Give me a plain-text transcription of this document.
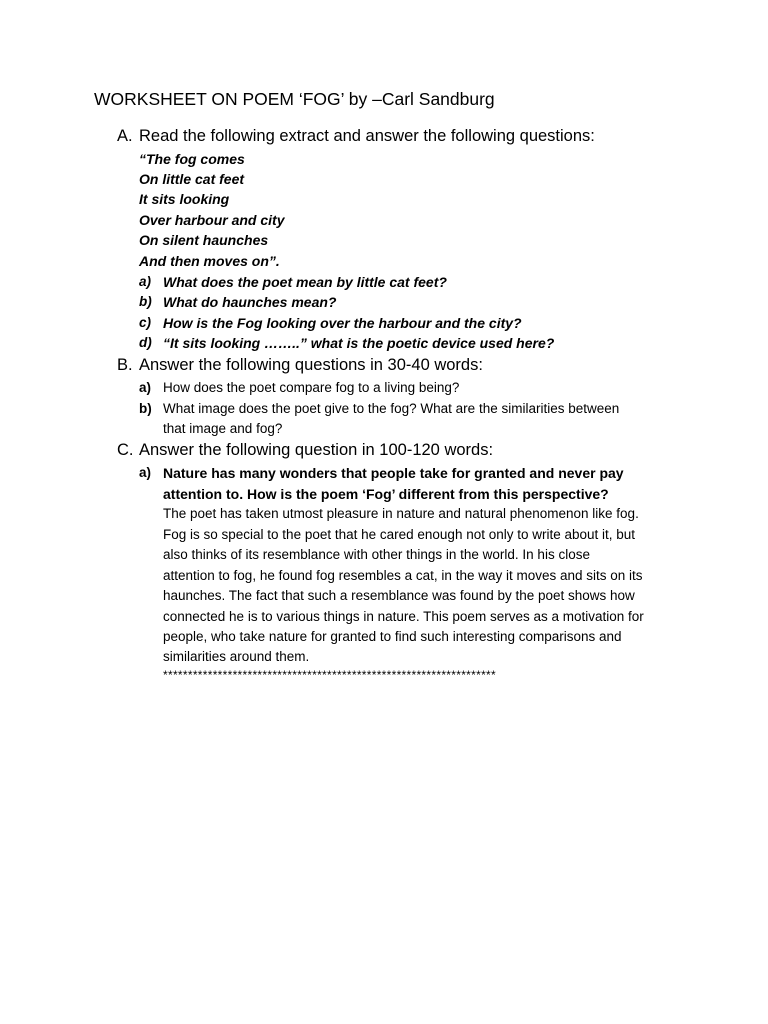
WORKSHEET ON POEM ‘FOG’ by –Carl Sandburg
A. Read the following extract and answer the following questions:
“The fog comes
On little cat feet
It sits looking
Over harbour and city
On silent haunches
And then moves on”.
a) What does the poet mean by little cat feet?
b) What do haunches mean?
c) How is the Fog looking over the harbour and the city?
d) “It sits looking ……..” what is the poetic device used here?
B. Answer the following questions in 30-40 words:
a) How does the poet compare fog to a living being?
b) What image does the poet give to the fog? What are the similarities between
that image and fog?
C. Answer the following question in 100-120 words:
a) Nature has many wonders that people take for granted and never pay
attention to. How is the poem ‘Fog’ different from this perspective?
The poet has taken utmost pleasure in nature and natural phenomenon like fog.
Fog is so special to the poet that he cared enough not only to write about it, but
also thinks of its resemblance with other things in the world. In his close
attention to fog, he found fog resembles a cat, in the way it moves and sits on its
haunches. The fact that such a resemblance was found by the poet shows how
connected he is to various things in nature. This poem serves as a motivation for
people, who take nature for granted to find such interesting comparisons and
similarities around them.
*******************************************************************
